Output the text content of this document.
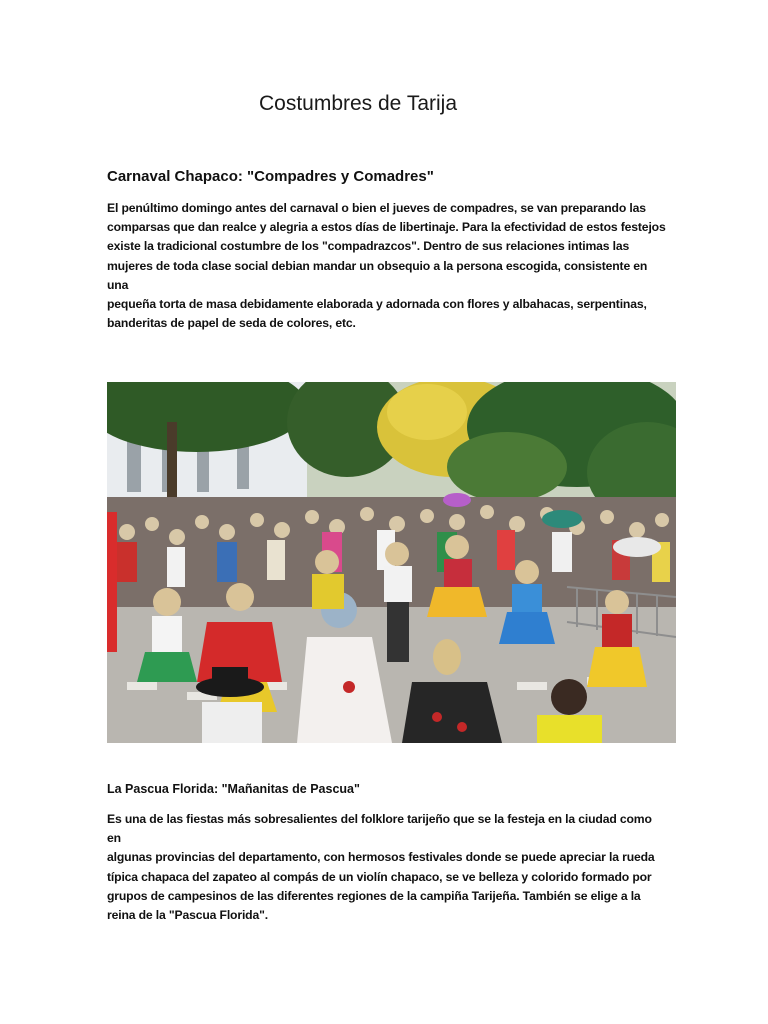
Costumbres de Tarija
Carnaval Chapaco: "Compadres y Comadres"
El penúltimo domingo antes del carnaval o bien el jueves de compadres, se van preparando las
comparsas que dan realce y alegria a estos días de libertinaje. Para la efectividad de estos festejos
existe la tradicional costumbre de los "compadrazcos". Dentro de sus relaciones intimas las
mujeres de toda clase social debian mandar un obsequio a la persona escogida, consistente en una
pequeña torta de masa debidamente elaborada y adornada con flores y albahacas, serpentinas,
banderitas de papel de seda de colores, etc.
La Pascua Florida: "Mañanitas de Pascua"
Es una de las fiestas más sobresalientes del folklore tarijeño que se la festeja en la ciudad como en
algunas provincias del departamento, con hermosos festivales donde se puede apreciar la rueda
típica chapaca del zapateo al compás de un violín chapaco, se ve belleza y colorido formado por
grupos de campesinos de las diferentes regiones de la campiña Tarijeña. También se elige a la
reina de la "Pascua Florida".
